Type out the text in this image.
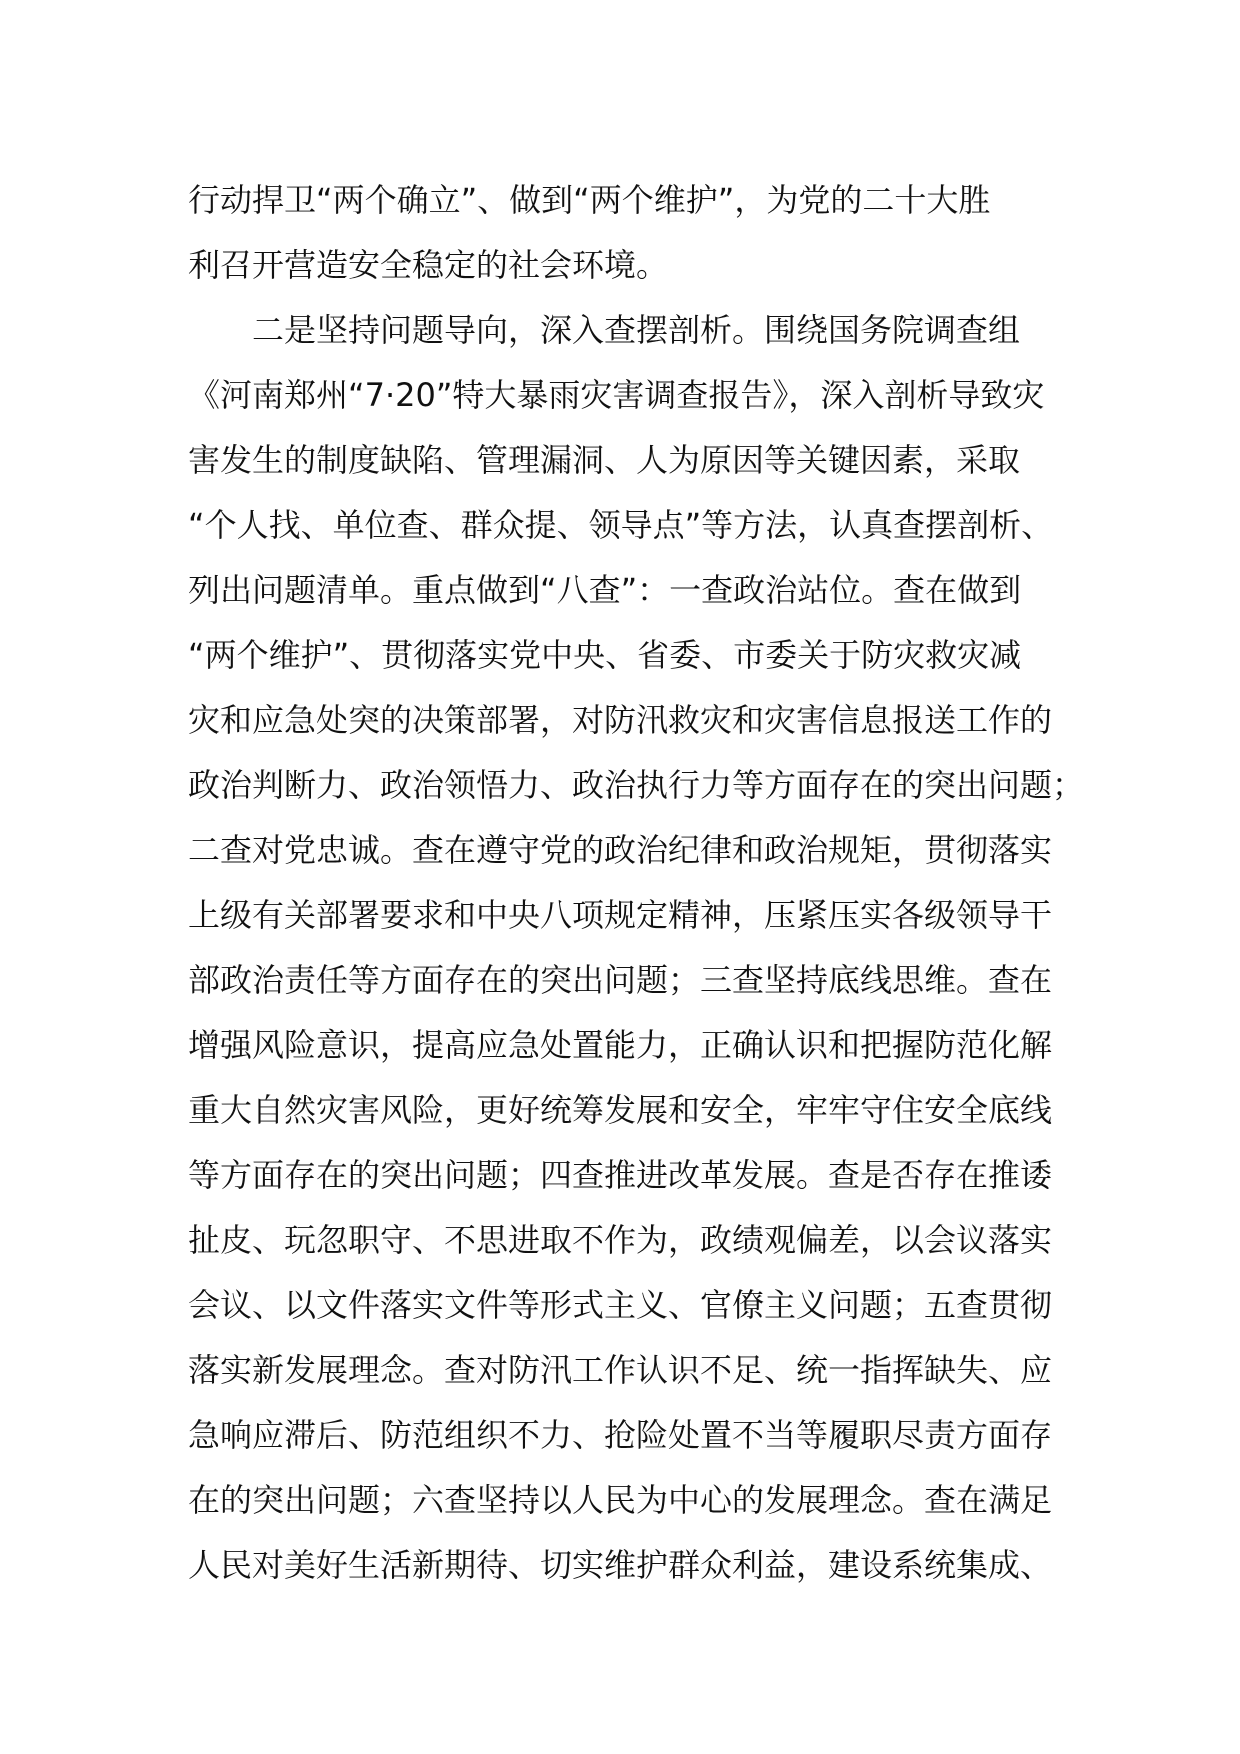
行动捍卫“两个确立”、做到“两个维护”，为党的二十大胜
利召开营造安全稳定的社会环境。
二是坚持问题导向，深入查摆剖析。围绕国务院调查组
《河南郑州“7·20”特大暴雨灾害调查报告》，深入剖析导致灾
害发生的制度缺陷、管理漏洞、人为原因等关键因素，采取
“个人找、单位查、群众提、领导点”等方法，认真查摆剖析、
列出问题清单。重点做到“八查”：一查政治站位。查在做到
“两个维护”、贯彻落实党中央、省委、市委关于防灾救灾减
灾和应急处突的决策部署，对防汛救灾和灾害信息报送工作的
政治判断力、政治领悟力、政治执行力等方面存在的突出问题；
二查对党忠诚。查在遵守党的政治纪律和政治规矩，贯彻落实
上级有关部署要求和中央八项规定精神，压紧压实各级领导干
部政治责任等方面存在的突出问题；三查坚持底线思维。查在
增强风险意识，提高应急处置能力，正确认识和把握防范化解
重大自然灾害风险，更好统筹发展和安全，牢牢守住安全底线
等方面存在的突出问题；四查推进改革发展。查是否存在推诿
扯皮、玩忽职守、不思进取不作为，政绩观偏差，以会议落实
会议、以文件落实文件等形式主义、官僚主义问题；五查贯彻
落实新发展理念。查对防汛工作认识不足、统一指挥缺失、应
急响应滞后、防范组织不力、抢险处置不当等履职尽责方面存
在的突出问题；六查坚持以人民为中心的发展理念。查在满足
人民对美好生活新期待、切实维护群众利益，建设系统集成、
